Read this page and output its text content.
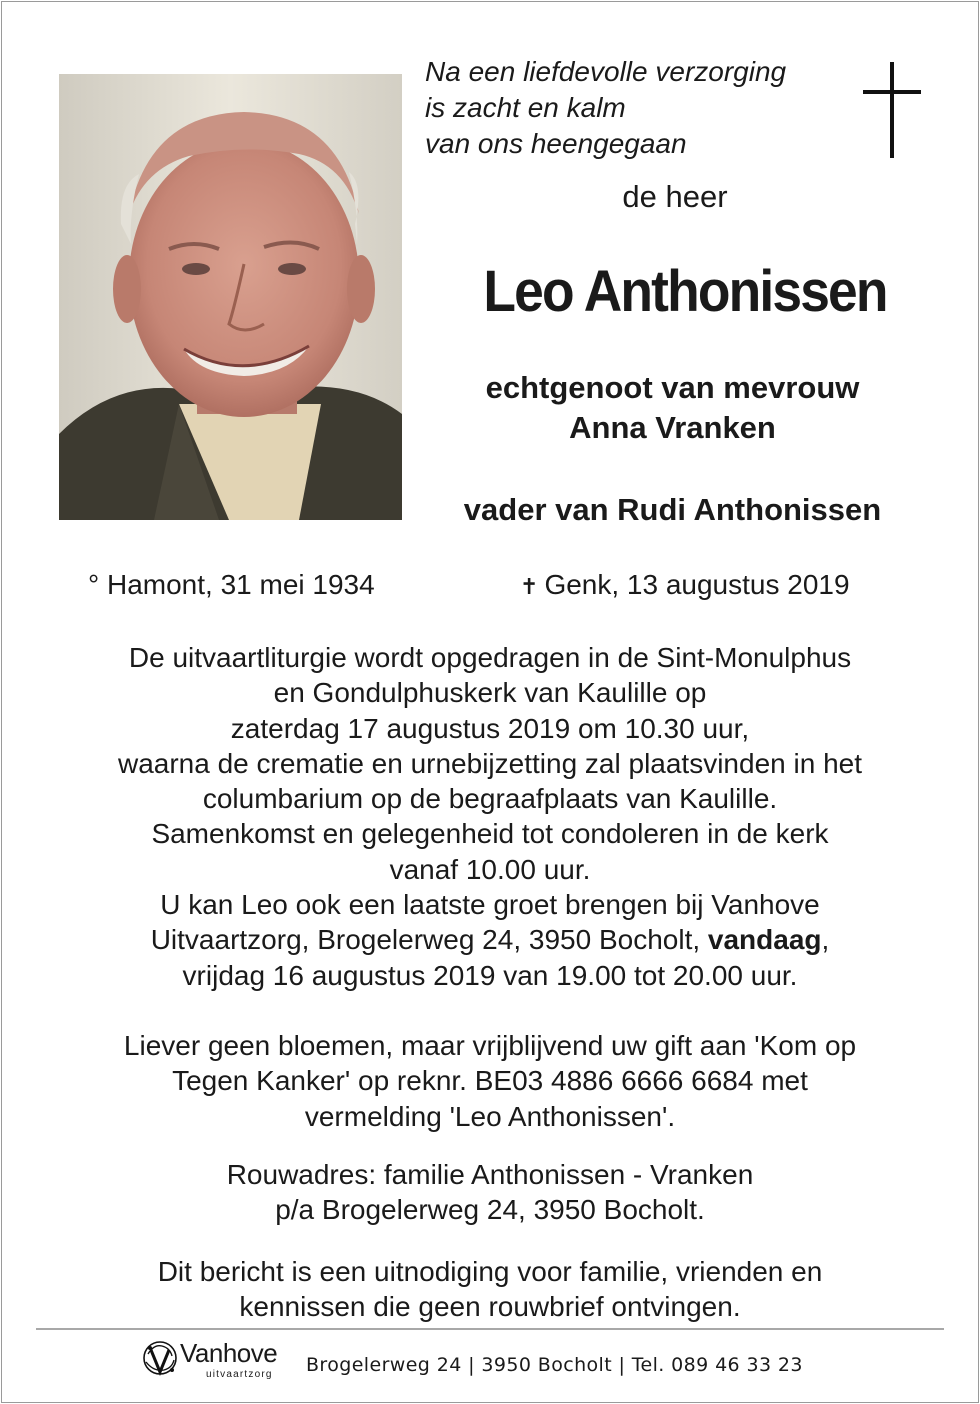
Na een liefdevolle verzorging
is zacht en kalm
van ons heengegaan
de heer
Leo Anthonissen
echtgenoot van mevrouw
Anna Vranken
vader van Rudi Anthonissen
° Hamont, 31 mei 1934	✝ Genk, 13 augustus 2019
De uitvaartliturgie wordt opgedragen in de Sint-Monulphus
en Gondulphuskerk van Kaulille op
zaterdag 17 augustus 2019 om 10.30 uur,
waarna de crematie en urnebijzetting zal plaatsvinden in het
columbarium op de begraafplaats van Kaulille.
Samenkomst en gelegenheid tot condoleren in de kerk
vanaf 10.00 uur.
U kan Leo ook een laatste groet brengen bij Vanhove
Uitvaartzorg, Brogelerweg 24, 3950 Bocholt, vandaag,
vrijdag 16 augustus 2019 van 19.00 tot 20.00 uur.
Liever geen bloemen, maar vrijblijvend uw gift aan 'Kom op
Tegen Kanker' op reknr. BE03 4886 6666 6684 met
vermelding 'Leo Anthonissen'.
Rouwadres: familie Anthonissen - Vranken
p/a Brogelerweg 24, 3950 Bocholt.
Dit bericht is een uitnodiging voor familie, vrienden en
kennissen die geen rouwbrief ontvingen.
Vanhove
uitvaartzorg Brogelerweg 24 | 3950 Bocholt | Tel. 089 46 33 23
